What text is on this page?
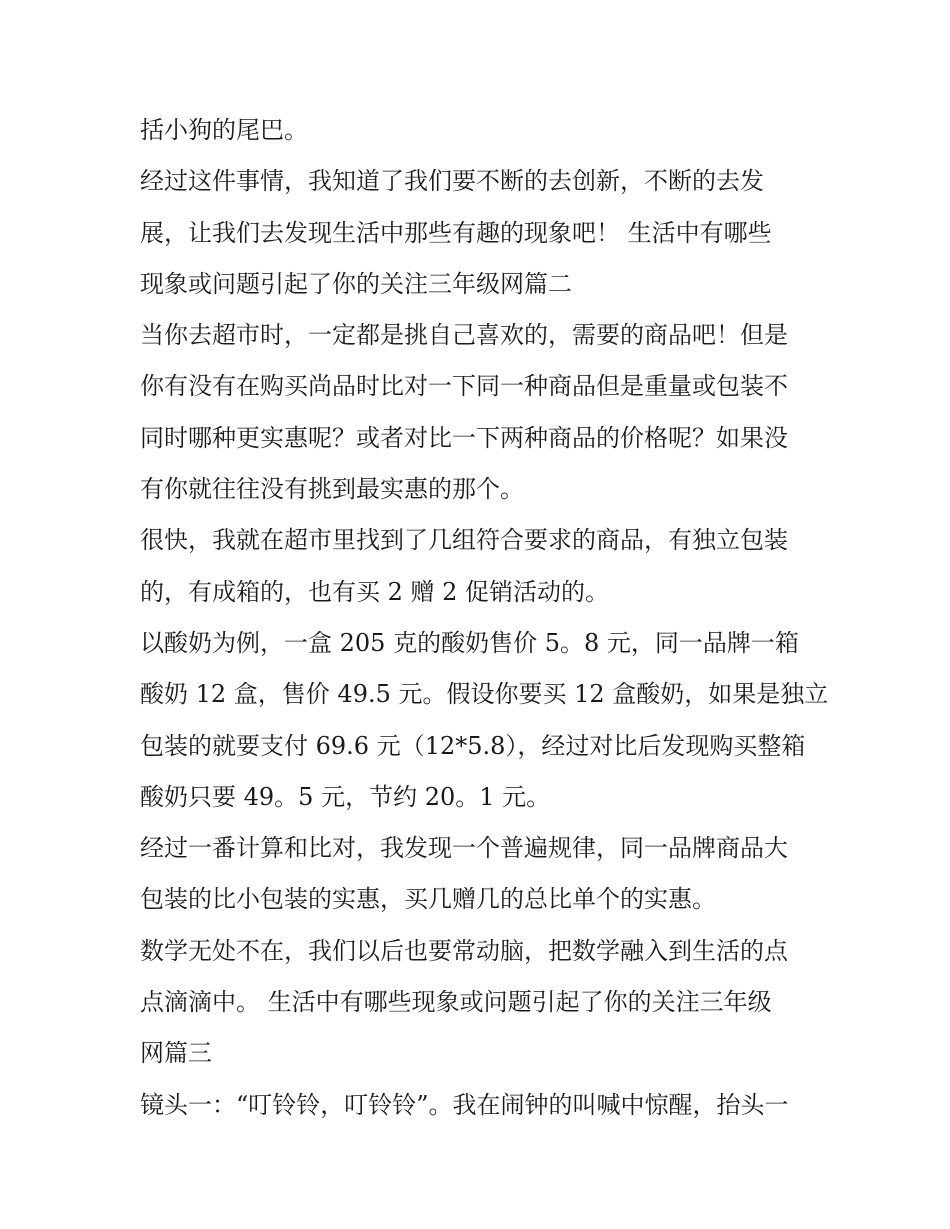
括小狗的尾巴。
经过这件事情，我知道了我们要不断的去创新，不断的去发
展，让我们去发现生活中那些有趣的现象吧！ 生活中有哪些
现象或问题引起了你的关注三年级网篇二
当你去超市时，一定都是挑自己喜欢的，需要的商品吧！但是
你有没有在购买尚品时比对一下同一种商品但是重量或包装不
同时哪种更实惠呢？或者对比一下两种商品的价格呢？如果没
有你就往往没有挑到最实惠的那个。
很快，我就在超市里找到了几组符合要求的商品，有独立包装
的，有成箱的，也有买 2 赠 2 促销活动的。
以酸奶为例，一盒 205 克的酸奶售价 5。8 元，同一品牌一箱
酸奶 12 盒，售价 49.5 元。假设你要买 12 盒酸奶，如果是独立
包装的就要支付 69.6 元（12*5.8），经过对比后发现购买整箱
酸奶只要 49。5 元，节约 20。1 元。
经过一番计算和比对，我发现一个普遍规律，同一品牌商品大
包装的比小包装的实惠，买几赠几的总比单个的实惠。
数学无处不在，我们以后也要常动脑，把数学融入到生活的点
点滴滴中。 生活中有哪些现象或问题引起了你的关注三年级
网篇三
镜头一：“叮铃铃，叮铃铃”。我在闹钟的叫喊中惊醒，抬头一
